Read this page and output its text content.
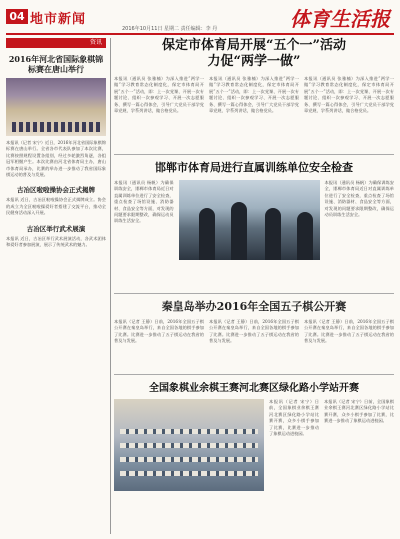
04 地市新闻
2016年10月11日 星期二 责任编辑：李 丹	体育生活报
资讯
2016年河北省国际象棋锦标赛在唐山举行
本报讯（记者 宋宁）近日，2016年河北省国际象棋锦标赛在唐山举行。全省各市代表队参加了本次比赛，比赛按照规程设置各组别，经过多轮激烈角逐，各组冠军相继产生。本次比赛由河北省体育局主办，唐山市体育局承办，比赛的举办进一步推动了我省国际象棋运动的普及与发展。
古冶区啦啦操协会正式揭牌
本报讯 近日，古冶区啦啦操协会正式揭牌成立。协会的成立为全区啦啦操爱好者搭建了交流平台，推动全民健身活动深入开展。
古冶区举行武术展演
本报讯 近日，古冶区举行武术展演活动，各武术团体和爱好者参加展演，展示了传统武术的魅力。
保定市体育局开展“五个一”活动
力促“两学一做”
本报讯（通讯员 张雅楠）为深入推进“两学一做”学习教育常态化制度化，保定市体育局开展“五个一”活动，即：上一次党课、开展一次专题讨论、组织一次参观学习、开展一次志愿服务、撰写一篇心得体会，引导广大党员干部学党章党规、学系列讲话，做合格党员。
本报讯（通讯员 张雅楠）为深入推进“两学一做”学习教育常态化制度化，保定市体育局开展“五个一”活动，即：上一次党课、开展一次专题讨论、组织一次参观学习、开展一次志愿服务、撰写一篇心得体会，引导广大党员干部学党章党规、学系列讲话，做合格党员。
本报讯（通讯员 张雅楠）为深入推进“两学一做”学习教育常态化制度化，保定市体育局开展“五个一”活动，即：上一次党课、开展一次专题讨论、组织一次参观学习、开展一次志愿服务、撰写一篇心得体会，引导广大党员干部学党章党规、学系列讲话，做合格党员。
邯郸市体育局进行直属训练单位安全检查
本报讯（通讯员 杨帆）为确保训练安全，邯郸市体育局近日对直属训练单位进行了安全检查，重点检查了场馆设施、消防器材、食品安全等方面，对发现的问题要求限期整改，确保运动员训练生活安全。
本报讯（通讯员 杨帆）为确保训练安全，邯郸市体育局近日对直属训练单位进行了安全检查，重点检查了场馆设施、消防器材、食品安全等方面，对发现的问题要求限期整改，确保运动员训练生活安全。
秦皇岛举办2016年全国五子棋公开赛
本报讯（记者 王静）日前，2016年全国五子棋公开赛在秦皇岛举行，来自全国各地的棋手参加了比赛。比赛进一步推动了五子棋运动在我省的普及与发展。
本报讯（记者 王静）日前，2016年全国五子棋公开赛在秦皇岛举行，来自全国各地的棋手参加了比赛。比赛进一步推动了五子棋运动在我省的普及与发展。
本报讯（记者 王静）日前，2016年全国五子棋公开赛在秦皇岛举行，来自全国各地的棋手参加了比赛。比赛进一步推动了五子棋运动在我省的普及与发展。
全国象棋业余棋王赛河北赛区绿化路小学站开赛
本报讯（记者 宋宁）日前，全国象棋业余棋王赛河北赛区绿化路小学站比赛开赛，众多小棋手参加了比赛，比赛进一步推动了象棋运动进校园。
本报讯（记者 宋宁）日前，全国象棋业余棋王赛河北赛区绿化路小学站比赛开赛，众多小棋手参加了比赛，比赛进一步推动了象棋运动进校园。
